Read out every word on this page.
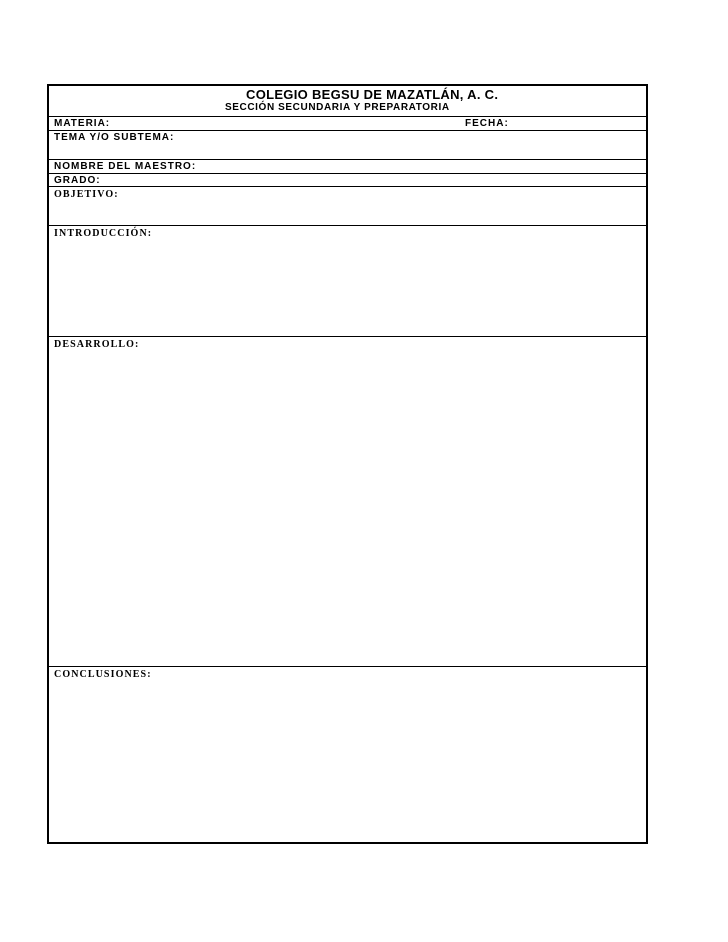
COLEGIO BEGSU DE MAZATLÁN, A. C.
SECCIÓN SECUNDARIA Y PREPARATORIA
MATERIA:	FECHA:
TEMA Y/O SUBTEMA:
NOMBRE DEL MAESTRO:
GRADO:
OBJETIVO:
INTRODUCCIÓN:
DESARROLLO:
CONCLUSIONES:
